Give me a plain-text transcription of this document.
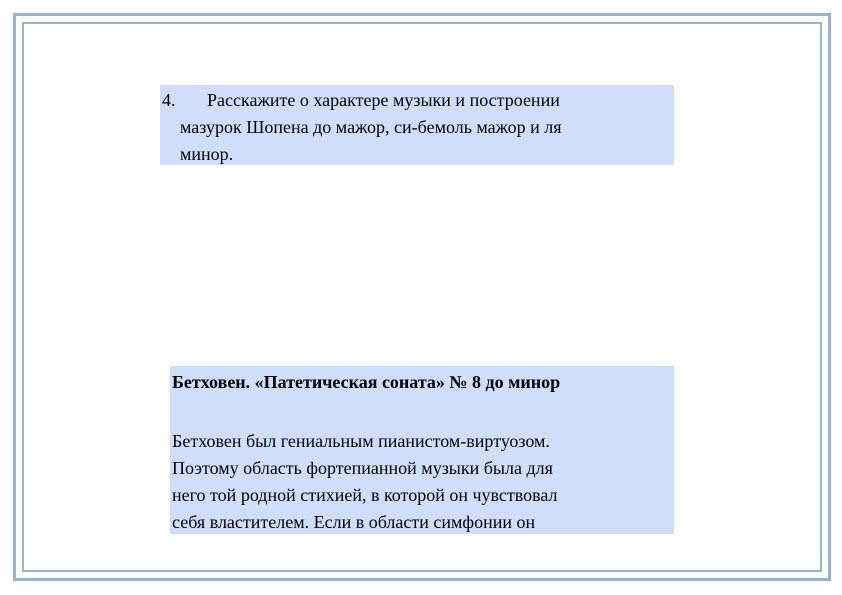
4. Расскажите о характере музыки и построении
мазурок Шопена до мажор, си-бемоль мажор и ля
минор.
Бетховен. «Патетическая соната» № 8 до минор
Бетховен был гениальным пианистом-виртуозом.
Поэтому область фортепианной музыки была для
него той родной стихией, в которой он чувствовал
себя властителем. Если в области симфонии он
